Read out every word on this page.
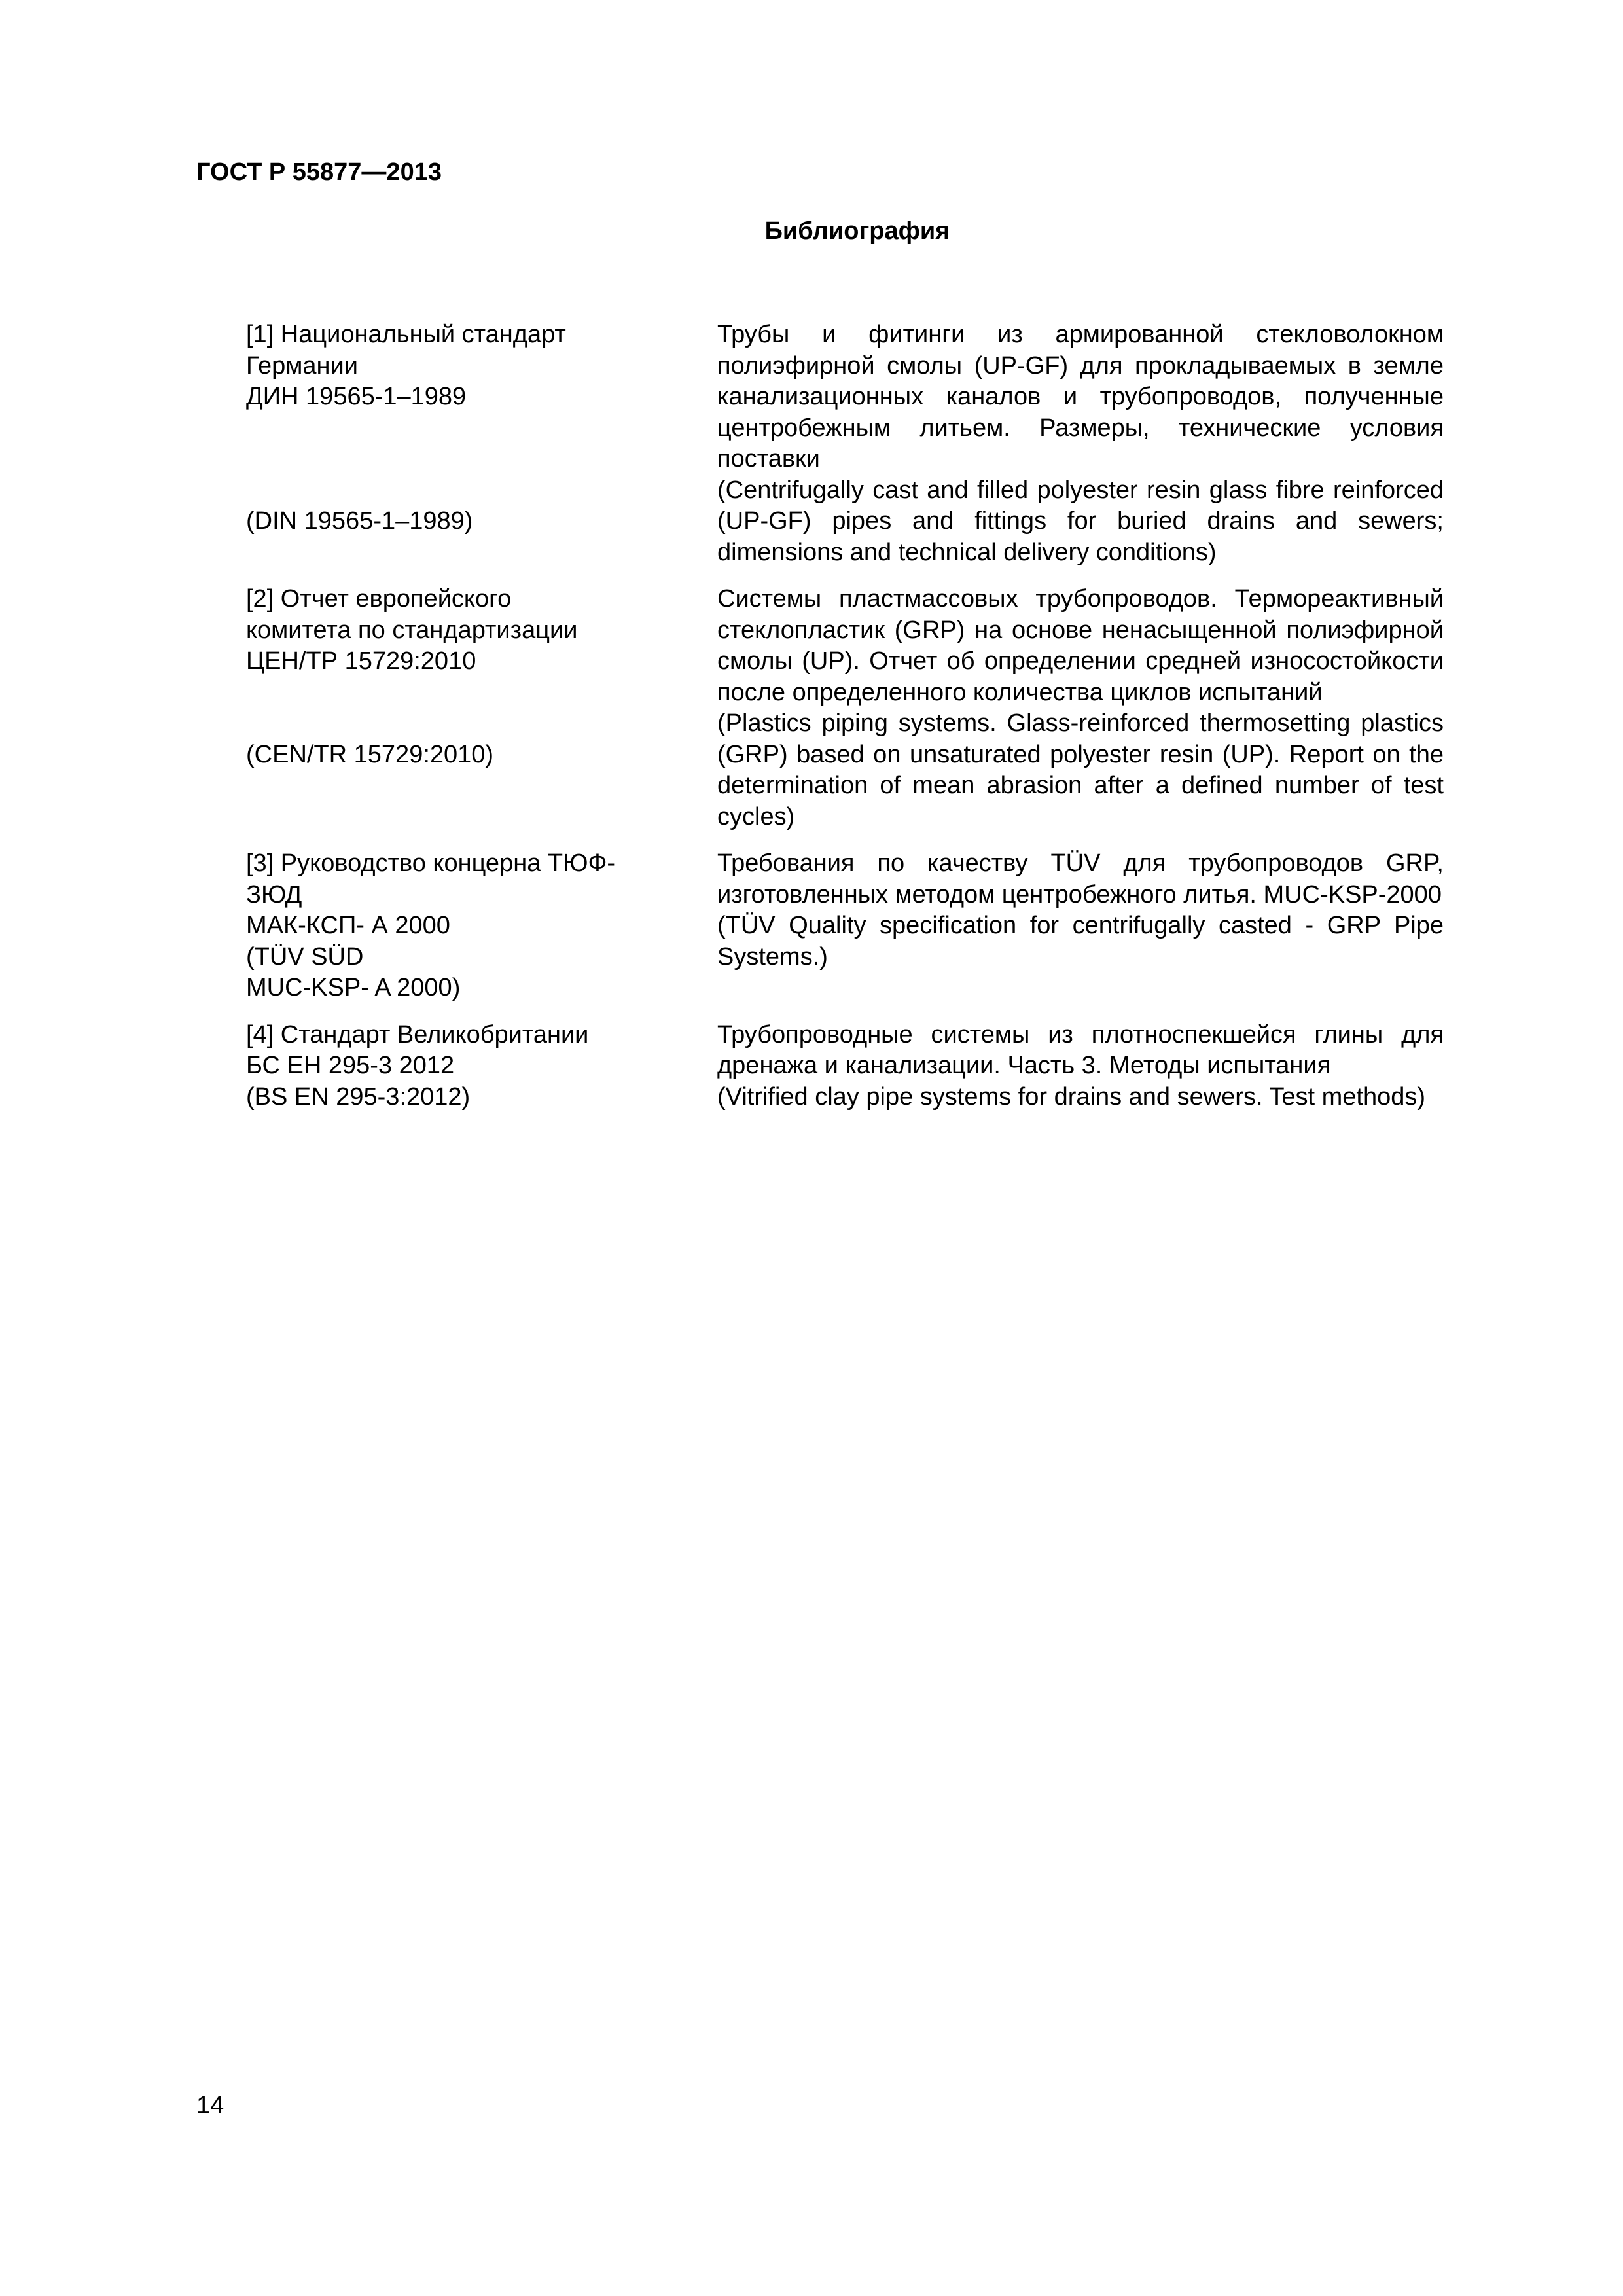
ГОСТ Р 55877—2013
Библиография
[1] Национальный стандарт
Германии
ДИН 19565-1–1989

(DIN 19565-1–1989)
Трубы и фитинги из армированной стекловолокном полиэфирной смолы (UP-GF) для прокладываемых в земле канализационных каналов и трубопроводов, полученные центробежным литьем. Размеры, технические условия поставки
(Centrifugally cast and filled polyester resin glass fibre reinforced (UP-GF) pipes and fittings for buried drains and sewers; dimensions and technical delivery conditions)
[2] Отчет европейского
комитета по стандартизации
ЦЕН/ТР 15729:2010

(CEN/TR 15729:2010)
Системы пластмассовых трубопроводов. Термореактивный стеклопластик (GRP) на основе ненасыщенной полиэфирной смолы (UP). Отчет об определении средней износостойкости после определенного количества циклов испытаний
(Plastics piping systems. Glass-reinforced thermosetting plastics (GRP) based on unsaturated polyester resin (UP). Report on the determination of mean abrasion after a defined number of test cycles)
[3] Руководство концерна ТЮФ-
ЗЮД
МАК-КСП- А 2000
(TÜV SÜD
MUC-KSP- A 2000)
Требования по качеству TÜV для трубопроводов GRP, изготовленных методом центробежного литья. MUC-KSP-2000
(TÜV Quality specification for centrifugally casted - GRP Pipe Systems.)
[4] Стандарт Великобритании
БС ЕН 295-3 2012
(BS EN 295-3:2012)
Трубопроводные системы из плотноспекшейся глины для дренажа и канализации. Часть 3. Методы испытания
(Vitrified clay pipe systems for drains and sewers. Test methods)
14
